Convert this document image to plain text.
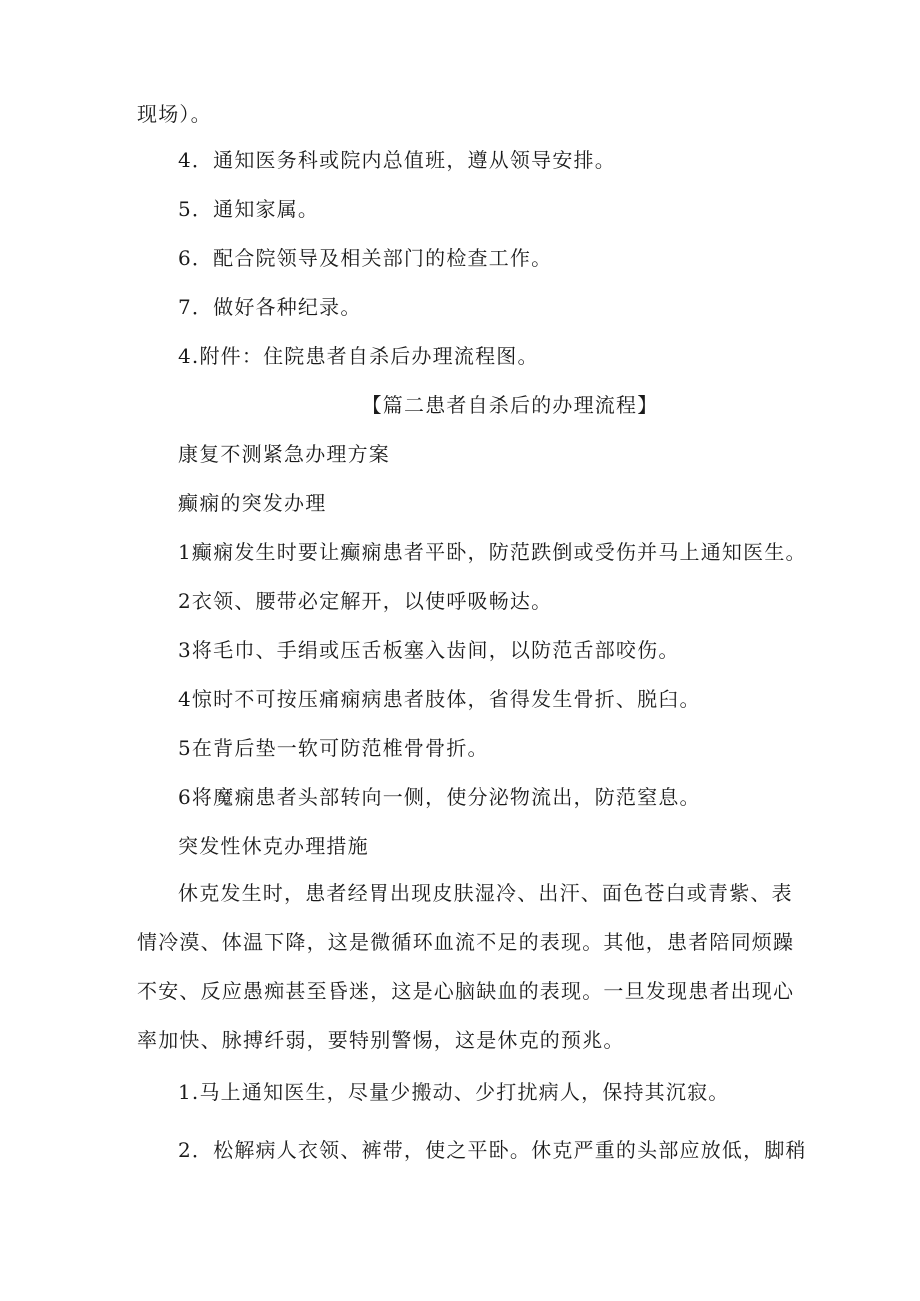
现场）。
4．通知医务科或院内总值班，遵从领导安排。
5．通知家属。
6．配合院领导及相关部门的检查工作。
7．做好各种纪录。
4.附件：住院患者自杀后办理流程图。
【篇二患者自杀后的办理流程】
康复不测紧急办理方案
癫痫的突发办理
1癫痫发生时要让癫痫患者平卧，防范跌倒或受伤并马上通知医生。
2衣领、腰带必定解开，以使呼吸畅达。
3将毛巾、手绢或压舌板塞入齿间，以防范舌部咬伤。
4惊时不可按压痛痫病患者肢体，省得发生骨折、脱臼。
5在背后垫一软可防范椎骨骨折。
6将魔痫患者头部转向一侧，使分泌物流出，防范窒息。
突发性休克办理措施
休克发生时，患者经胃出现皮肤湿冷、出汗、面色苍白或青紫、表情冷漠、体温下降，这是微循环血流不足的表现。其他，患者陪同烦躁不安、反应愚痴甚至昏迷，这是心脑缺血的表现。一旦发现患者出现心率加快、脉搏纤弱，要特别警惕，这是休克的预兆。
1.马上通知医生，尽量少搬动、少打扰病人，保持其沉寂。
2．松解病人衣领、裤带，使之平卧。休克严重的头部应放低，脚稍
